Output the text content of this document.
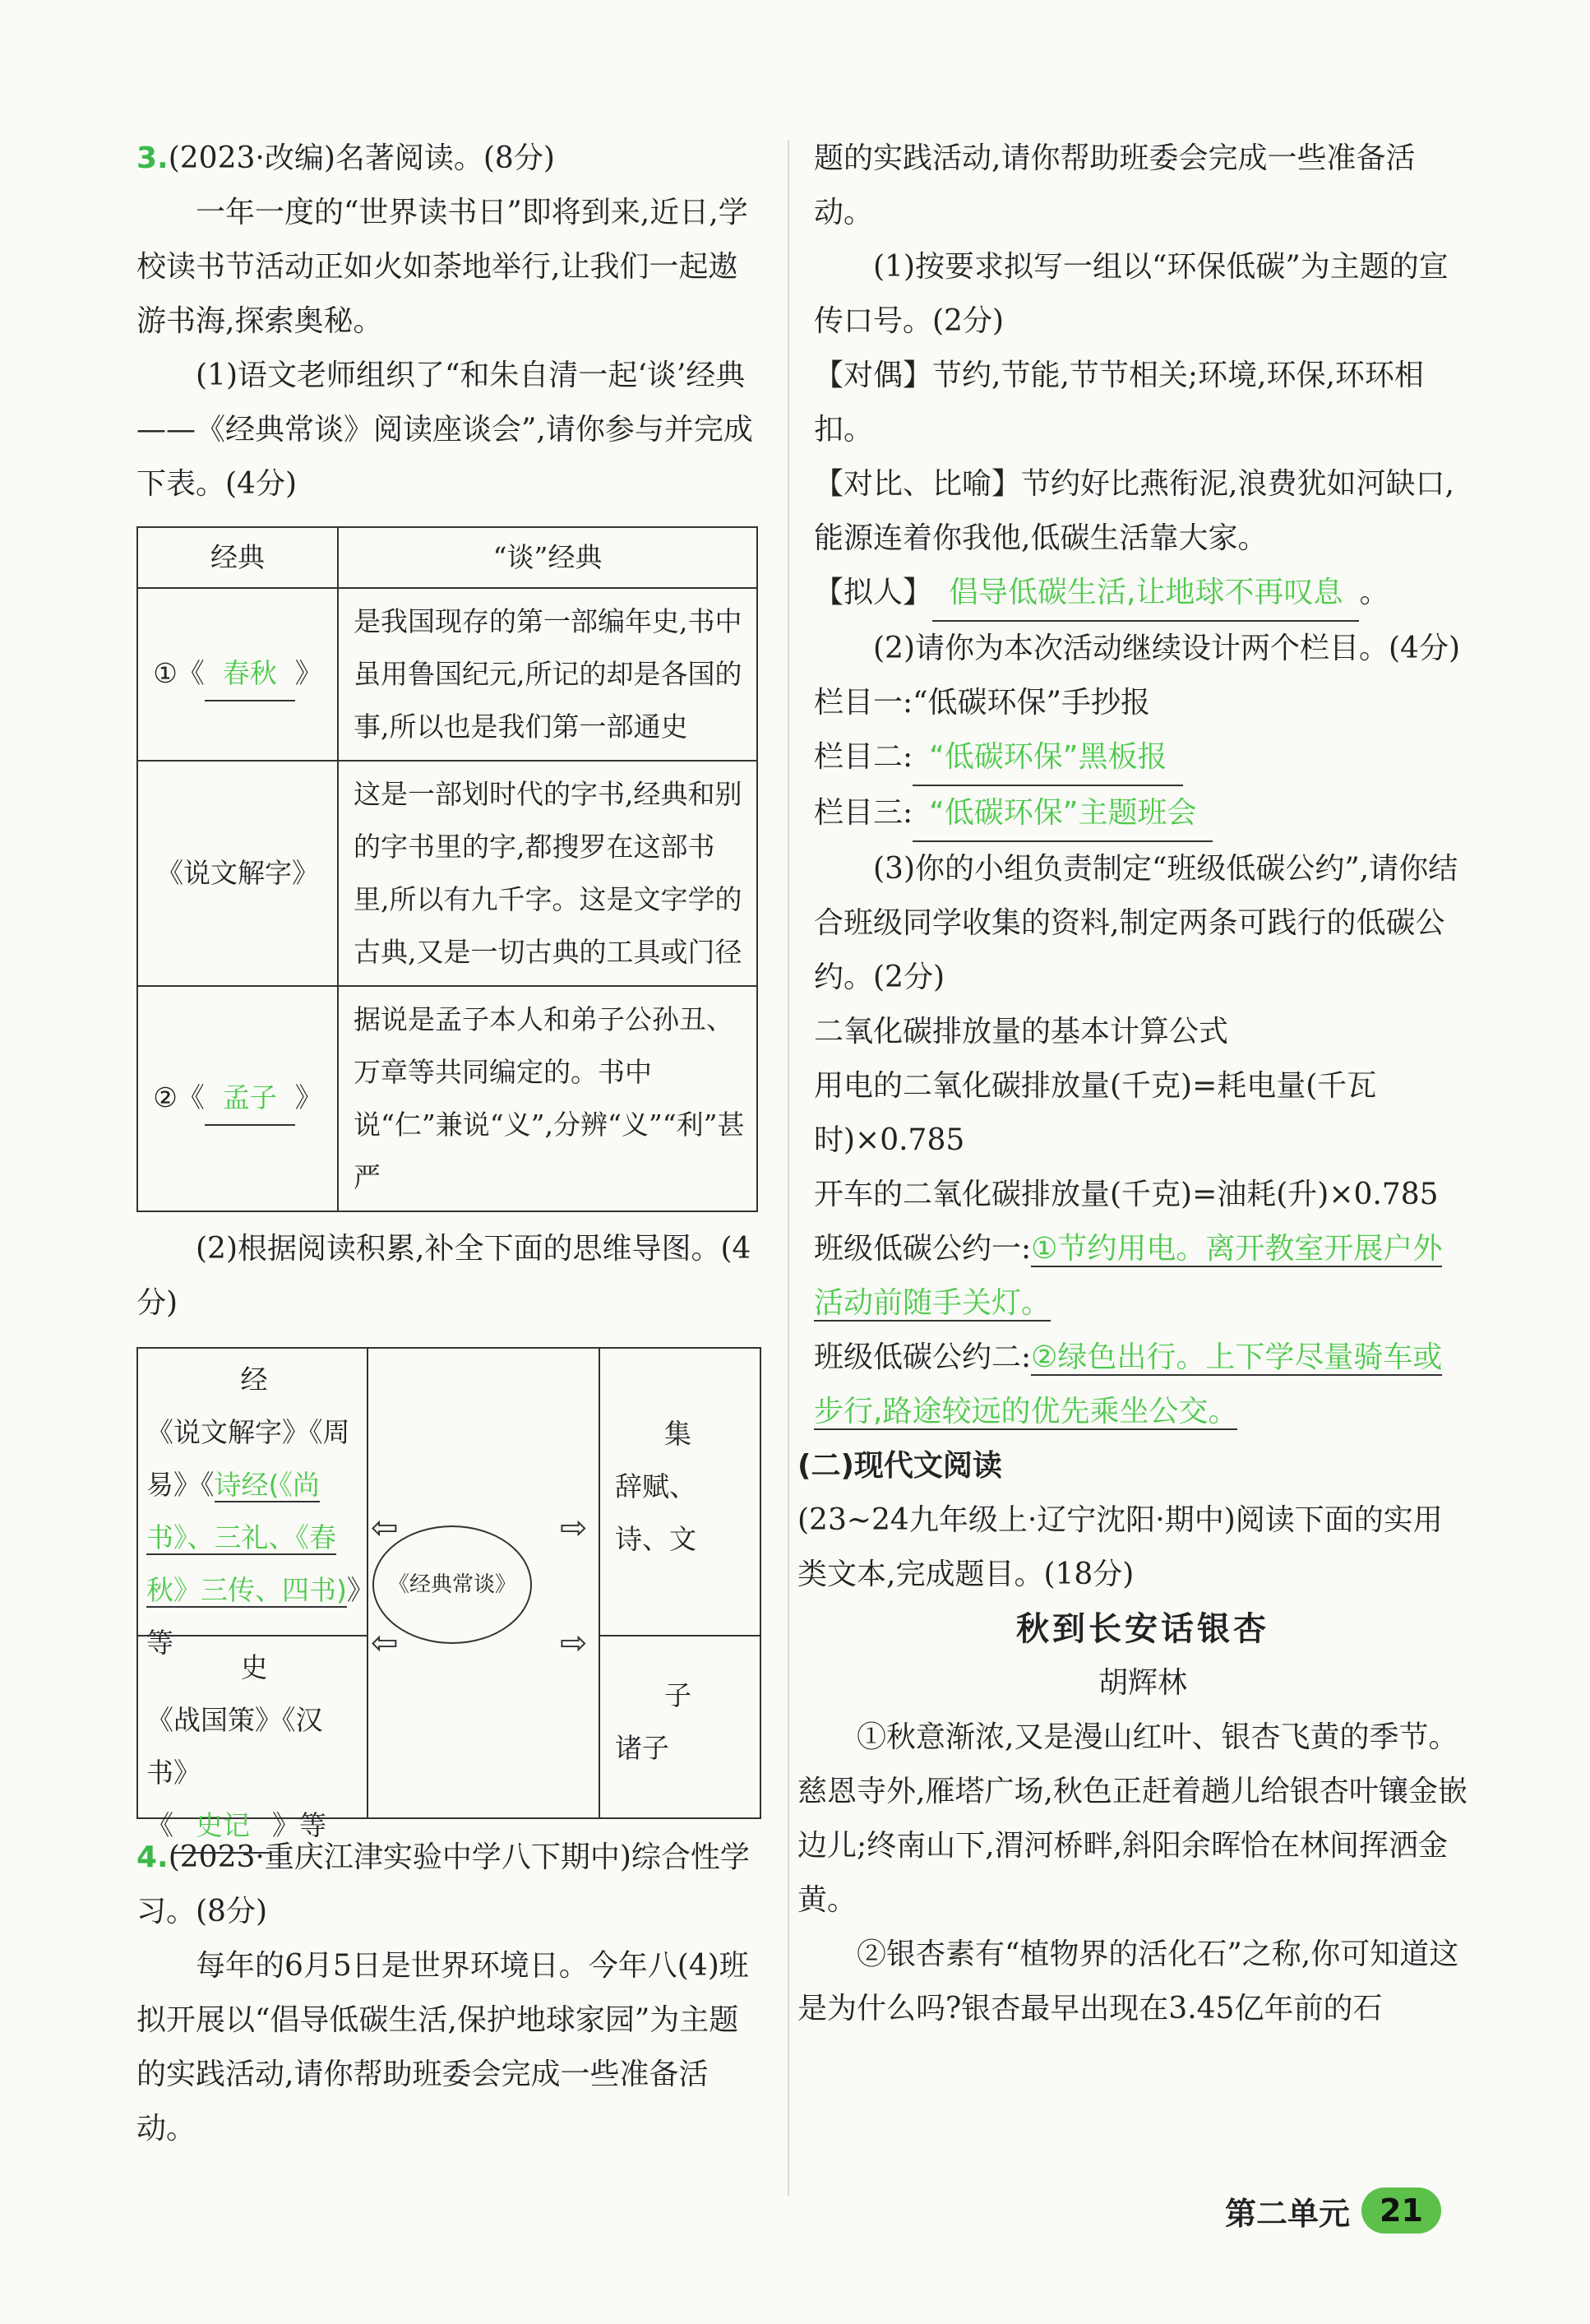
3.(2023·改编)名著阅读。(8分)

一年一度的“世界读书日”即将到来,近日,学校读书节活动正如火如荼地举行,让我们一起遨游书海,探索奥秘。

(1)语文老师组织了“和朱自清一起‘谈’经典——《经典常谈》阅读座谈会”,请你参与并完成下表。(4分)

经典	“谈”经典
①《 春秋 》	是我国现存的第一部编年史,书中虽用鲁国纪元,所记的却是各国的事,所以也是我们第一部通史
《说文解字》	这是一部划时代的字书,经典和别的字书里的字,都搜罗在这部书里,所以有九千字。这是文字学的古典,又是一切古典的工具或门径
②《 孟子 》	据说是孟子本人和弟子公孙丑、万章等共同编定的。书中说“仁”兼说“义”,分辨“义”“利”甚严

(2)根据阅读积累,补全下面的思维导图。(4分)

经
《说文解字》《周
易》《诗经(《尚书》、三礼、《春秋》三传、四书)》等
史
《战国策》《汉书》
《 史记 》等
集
辞赋、
诗、文
子
诸子
《经典常谈》
⇦
⇦
⇨
⇨

4.(2023·重庆江津实验中学八下期中)综合性学习。(8分)

每年的6月5日是世界环境日。今年八(4)班拟开展以“倡导低碳生活,保护地球家园”为主题的实践活动,请你帮助班委会完成一些准备活动。

题的实践活动,请你帮助班委会完成一些准备活动。

(1)按要求拟写一组以“环保低碳”为主题的宣传口号。(2分)

【对偶】节约,节能,节节相关;环境,环保,环环相扣。

【对比、比喻】节约好比燕衔泥,浪费犹如河缺口,能源连着你我他,低碳生活靠大家。

【拟人】 倡导低碳生活,让地球不再叹息 。

(2)请你为本次活动继续设计两个栏目。(4分)

栏目一:“低碳环保”手抄报

栏目二: “低碳环保”黑板报

栏目三: “低碳环保”主题班会

(3)你的小组负责制定“班级低碳公约”,请你结合班级同学收集的资料,制定两条可践行的低碳公约。(2分)

二氧化碳排放量的基本计算公式

用电的二氧化碳排放量(千克)=耗电量(千瓦时)×0.785

开车的二氧化碳排放量(千克)=油耗(升)×0.785

班级低碳公约一:①节约用电。离开教室开展户外活动前随手关灯。

班级低碳公约二:②绿色出行。上下学尽量骑车或步行,路途较远的优先乘坐公交。

(二)现代文阅读

(23~24九年级上·辽宁沈阳·期中)阅读下面的实用类文本,完成题目。(18分)

秋到长安话银杏

胡辉林

①秋意渐浓,又是漫山红叶、银杏飞黄的季节。慈恩寺外,雁塔广场,秋色正赶着趟儿给银杏叶镶金嵌边儿;终南山下,渭河桥畔,斜阳余晖恰在林间挥洒金黄。

②银杏素有“植物界的活化石”之称,你可知道这是为什么吗?银杏最早出现在3.45亿年前的石

第二单元 21
